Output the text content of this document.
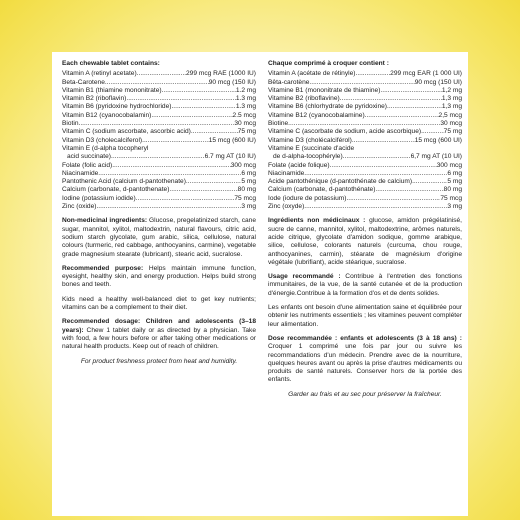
Each chewable tablet contains:
Vitamin A (retinyl acetate) .....	299 mcg RAE (1000 IU)
Beta-Carotene .....	90 mcg (150 IU)
Vitamin B1 (thiamine mononitrate) .....	1.2 mg
Vitamin B2 (riboflavin) .....	1.3 mg
Vitamin B6 (pyridoxine hydrochloride) .....	1.3 mg
Vitamin B12 (cyanocobalamin) .....	2.5 mcg
Biotin .....	30 mcg
Vitamin C (sodium ascorbate, ascorbic acid) .....	75 mg
Vitamin D3 (cholecalciferol) .....	15 mcg (600 IU)
Vitamin E (d-alpha tocopheryl
acid succinate) .....	6.7 mg AT (10 IU)
Folate (folic acid) .....	300 mcg
Niacinamide .....	6 mg
Pantothenic Acid (calcium d-pantothenate) .....	5 mg
Calcium (carbonate, d-pantothenate) .....	80 mg
Iodine (potassium iodide) .....	75 mcg
Zinc (oxide) .....	3 mg
Non-medicinal ingredients: Glucose, pregelatinized starch, cane sugar, mannitol, xylitol, maltodextrin, natural flavours, citric acid, sodium starch glycolate, gum arabic, silica, cellulose, natural colours (turmeric, red cabbage, anthocyanins, carmine), vegetable grade magnesium stearate (lubricant), stearic acid, sucralose.
Recommended purpose: Helps maintain immune function, eyesight, healthy skin, and energy production. Helps build strong bones and teeth.
Kids need a healthy well-balanced diet to get key nutrients; vitamins can be a complement to their diet.
Recommended dosage: Children and adolescents (3–18 years): Chew 1 tablet daily or as directed by a physician. Take with food, a few hours before or after taking other medications or natural health products. Keep out of reach of children.
For product freshness protect from heat and humidity.
Chaque comprimé à croquer contient :
Vitamin A (acétate de rétinyle) .....	299 mcg EAR (1 000 UI)
Bêta-carotène .....	90 mcg (150 UI)
Vitamine B1 (mononitrate de thiamine) .....	1,2 mg
Vitamine B2 (riboflavine) .....	1,3 mg
Vitamine B6 (chlorhydrate de pyridoxine) .....	1,3 mg
Vitamine B12 (cyanocobalamine) .....	2,5 mcg
Biotine .....	30 mcg
Vitamine C (ascorbate de sodium, acide ascorbique) .....	75 mg
Vitamine D3 (cholécalciférol) .....	15 mcg (600 UI)
Vitamine E (succinate d'acide
de d-alpha-tocophéryle) .....	6,7 mg AT (10 UI)
Folate (acide folique) .....	300 mcg
Niacinamide .....	6 mg
Acide pantothénique (d-pantothénate de calcium) .....	5 mg
Calcium (carbonate, d-pantothénate) .....	80 mg
Iode (iodure de potassium) .....	75 mcg
Zinc (oxyde) .....	3 mg
Ingrédients non médicinaux : glucose, amidon prégélatinisé, sucre de canne, mannitol, xylitol, maltodextrine, arômes naturels, acide citrique, glycolate d'amidon sodique, gomme arabique, silice, cellulose, colorants naturels (curcuma, chou rouge, anthocyanines, carmin), stéarate de magnésium d'origine végétale (lubrifiant), acide stéarique, sucralose.
Usage recommandé : Contribue à l'entretien des fonctions immunitaires, de la vue, de la santé cutanée et de la production d'énergie.Contribue à la formation d'os et de dents solides.
Les enfants ont besoin d'une alimentation saine et équilibrée pour obtenir les nutriments essentiels ; les vitamines peuvent compléter leur alimentation.
Dose recommandée : enfants et adolescents (3 à 18 ans) : Croquer 1 comprimé une fois par jour ou suivre les recommandations d'un médecin. Prendre avec de la nourriture, quelques heures avant ou après la prise d'autres médicaments ou produits de santé naturels. Conserver hors de la portée des enfants.
Garder au frais et au sec pour préserver la fraîcheur.
